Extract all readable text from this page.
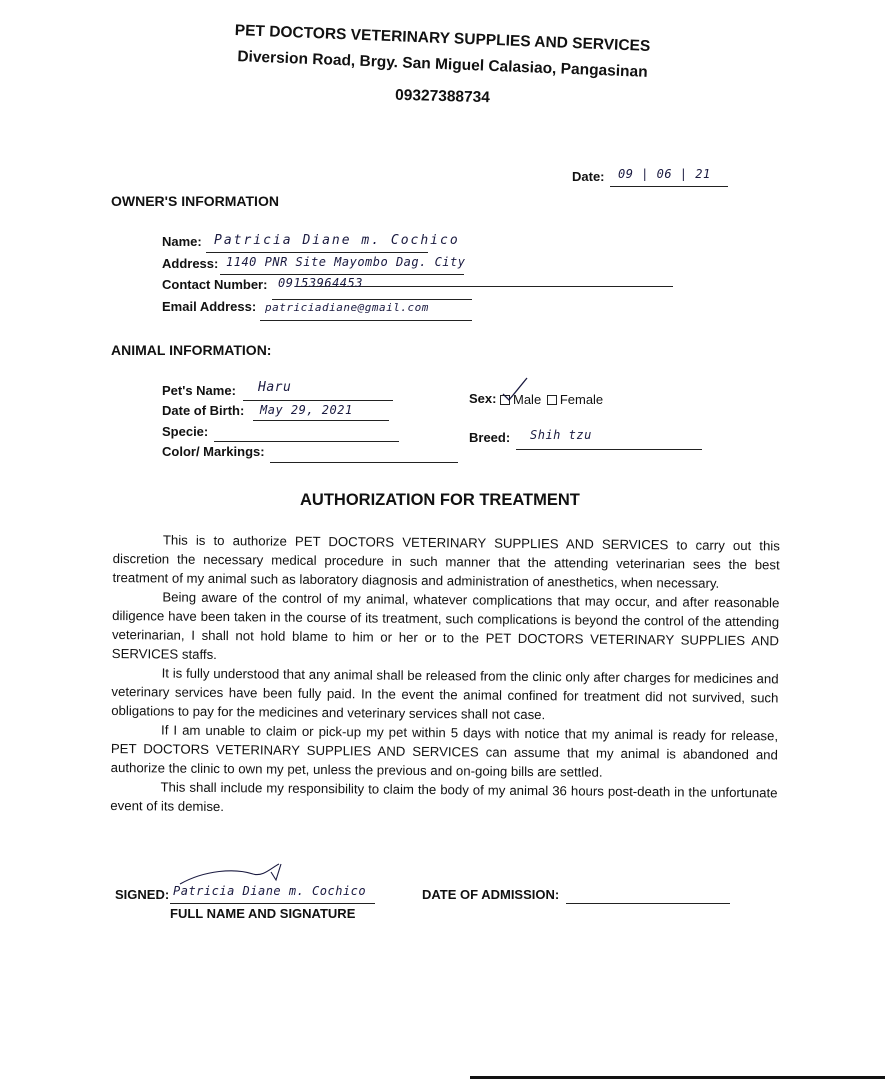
PET DOCTORS VETERINARY SUPPLIES AND SERVICES
Diversion Road, Brgy. San Miguel Calasiao, Pangasinan
09327388734
Date: 09 | 06 | 21
OWNER'S INFORMATION
Name: Patricia Diane m. Cochico
Address: 1140 PNR Site Mayombo Dag. City
Contact Number: 09153964453
Email Address: patriciadiane@gmail.com
ANIMAL INFORMATION:
Pet's Name: Haru
Date of Birth: May 29, 2021
Specie:
Color/ Markings:
Sex:	Male Female
Breed: Shih tzu
AUTHORIZATION FOR TREATMENT

This is to authorize PET DOCTORS VETERINARY SUPPLIES AND SERVICES to carry out this discretion the necessary medical procedure in such manner that the attending veterinarian sees the best treatment of my animal such as laboratory diagnosis and administration of anesthetics, when necessary.

Being aware of the control of my animal, whatever complications that may occur, and after reasonable diligence have been taken in the course of its treatment, such complications is beyond the control of the attending veterinarian, I shall not hold blame to him or her or to the PET DOCTORS VETERINARY SUPPLIES AND SERVICES staffs.

It is fully understood that any animal shall be released from the clinic only after charges for medicines and veterinary services have been fully paid. In the event the animal confined for treatment did not survived, such obligations to pay for the medicines and veterinary services shall not case.

If I am unable to claim or pick-up my pet within 5 days with notice that my animal is ready for release, PET DOCTORS VETERINARY SUPPLIES AND SERVICES can assume that my animal is abandoned and authorize the clinic to own my pet, unless the previous and on-going bills are settled.

This shall include my responsibility to claim the body of my animal 36 hours post-death in the unfortunate event of its demise.

SIGNED: Patricia Diane m. Cochico
FULL NAME AND SIGNATURE
DATE OF ADMISSION:
